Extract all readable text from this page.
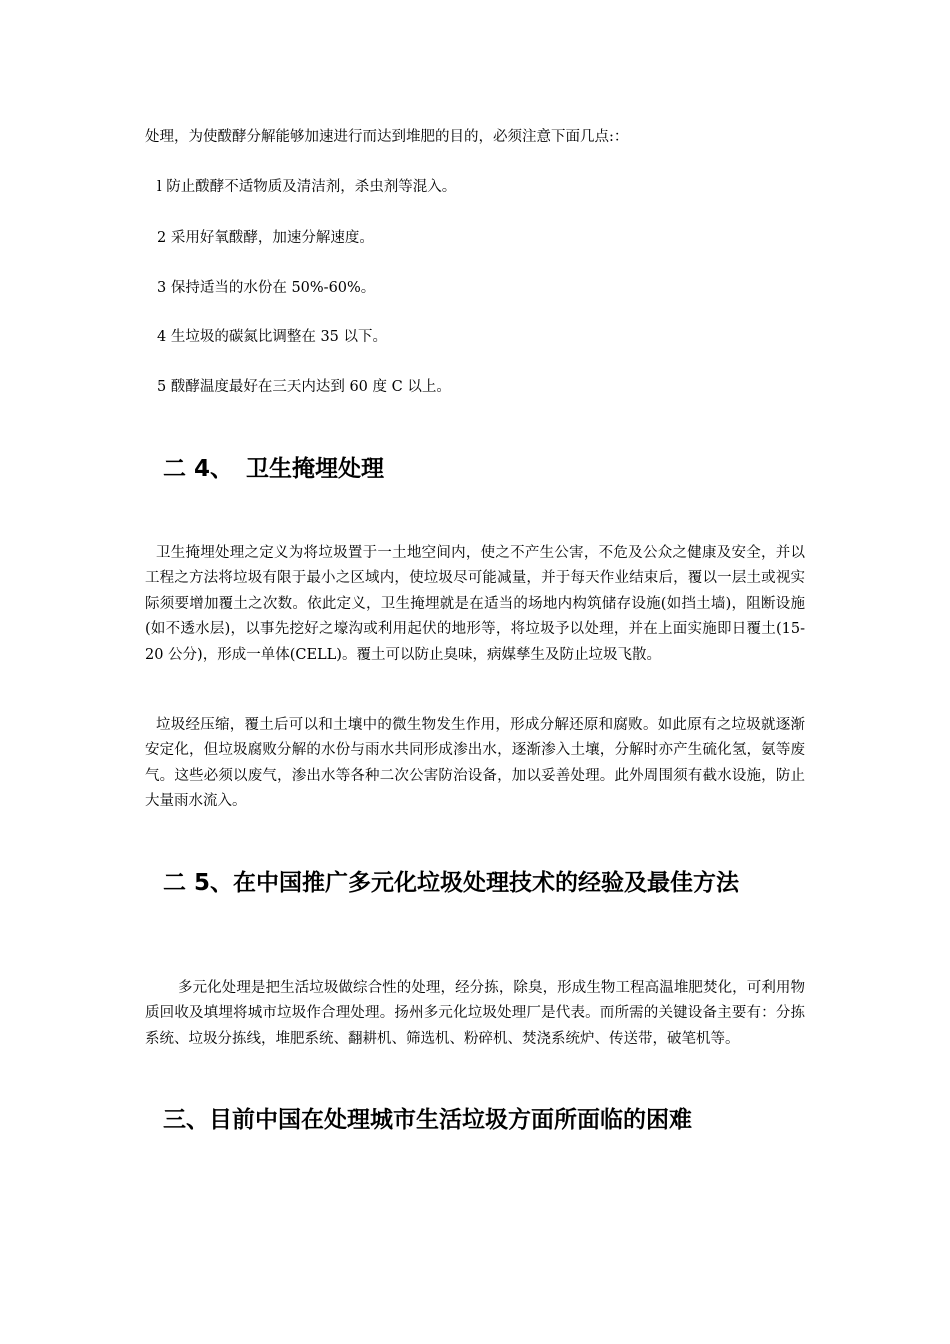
处理，为使酦酵分解能够加速进行而达到堆肥的目的，必须注意下面几点:：
l 防止酦酵不适物质及清洁剂，杀虫剂等混入。
2 采用好氧酦酵，加速分解速度。
3 保持适当的水份在 50%-60%。
4 生垃圾的碳氮比调整在 35 以下。
5 酦酵温度最好在三天内达到 60 度 C 以上。
二 4、 卫生掩埋处理
卫生掩埋处理之定义为将垃圾置于一土地空间内，使之不产生公害，不危及公众之健康及安全，并以工程之方法将垃圾有限于最小之区域内，使垃圾尽可能减量，并于每天作业结束后，覆以一层土或视实际须要增加覆土之次数。依此定义，卫生掩埋就是在适当的场地内构筑储存设施(如挡土墙)，阻断设施(如不透水层)，以事先挖好之壕沟或利用起伏的地形等，将垃圾予以处理，并在上面实施即日覆土(15-20 公分)，形成一单体(CELL)。覆土可以防止臭味，病媒孳生及防止垃圾飞散。
垃圾经压缩，覆土后可以和土壤中的微生物发生作用，形成分解还原和腐败。如此原有之垃圾就逐渐安定化，但垃圾腐败分解的水份与雨水共同形成渗出水，逐渐渗入土壤，分解时亦产生硫化氢，氨等废气。这些必须以废气，渗出水等各种二次公害防治设备，加以妥善处理。此外周围须有截水设施，防止大量雨水流入。
二 5、在中国推广多元化垃圾处理技术的经验及最佳方法
多元化处理是把生活垃圾做综合性的处理，经分拣，除臭，形成生物工程高温堆肥焚化，可利用物质回收及填埋将城市垃圾作合理处理。扬州多元化垃圾处理厂是代表。而所需的关键设备主要有：分拣系统、垃圾分拣线，堆肥系统、翻耕机、筛选机、粉碎机、焚浇系统炉、传送带，破笔机等。
三、目前中国在处理城市生活垃圾方面所面临的困难
